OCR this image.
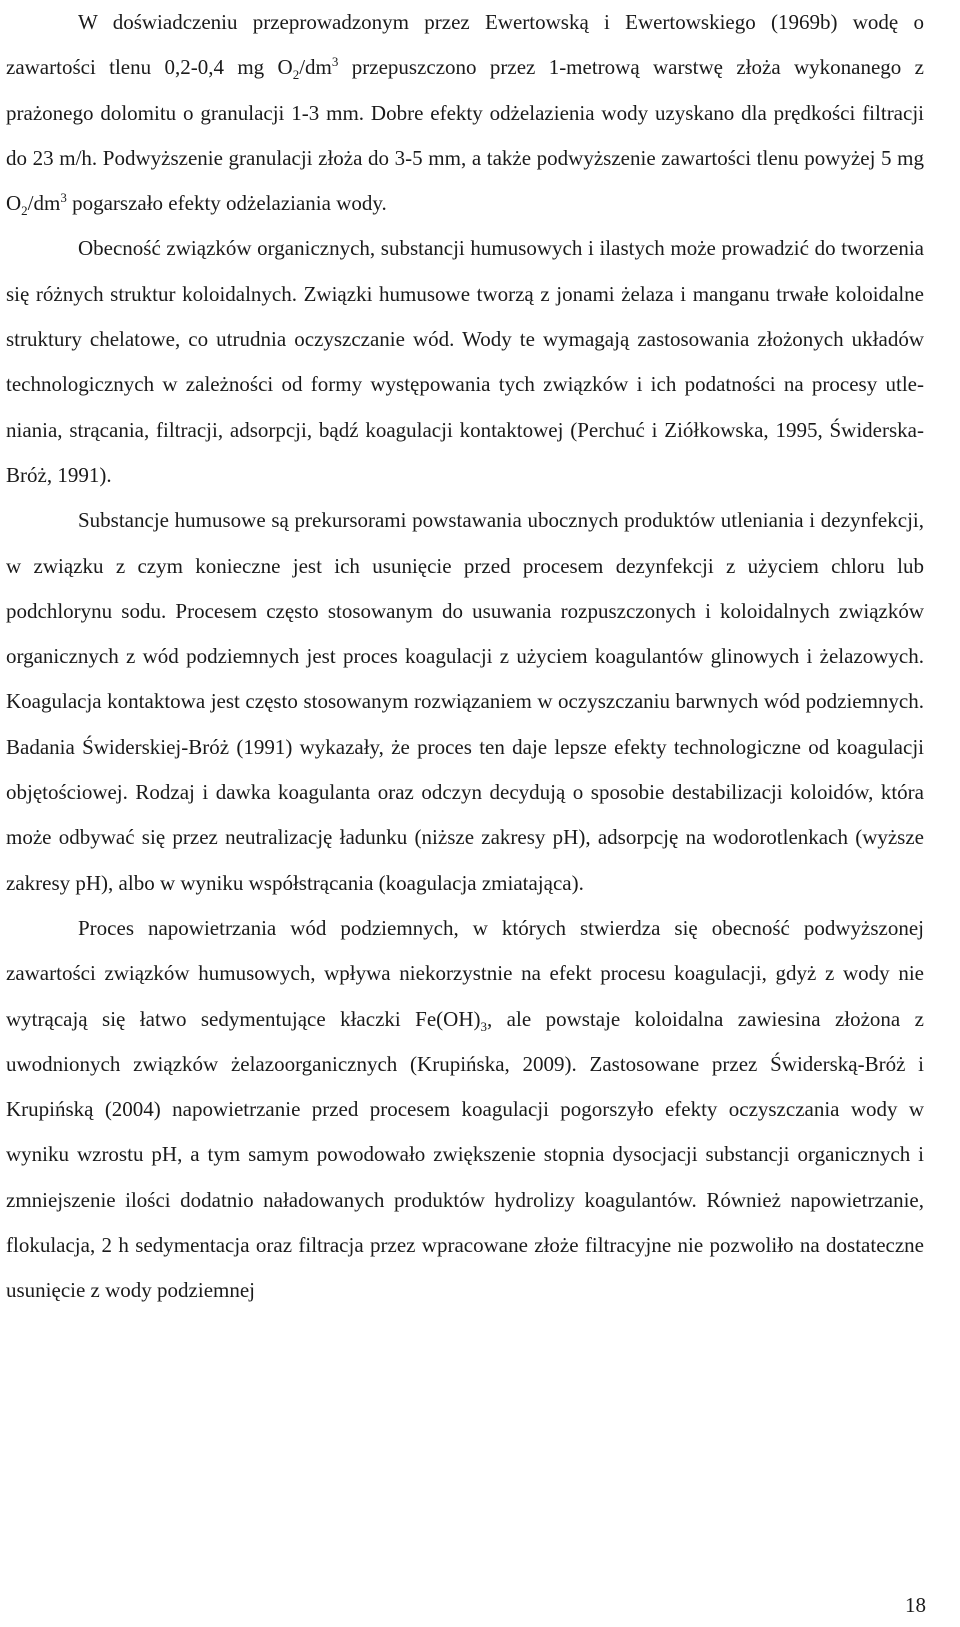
W doświadczeniu przeprowadzonym przez Ewertowską i Ewertowskiego (1969b) wodę o zawartości tlenu 0,2-0,4 mg $O_2/dm^3$ przepuszczono przez 1-metrową warstwę złoża wykonanego z prażonego dolomitu o granulacji 1-3 mm. Dobre efekty odżelazienia wody uzyskano dla prędkości filtracji do 23 m/h. Podwyższenie granulacji złoża do 3-5 mm, a także podwyższenie zawartości tlenu powyżej 5 mg $O_2/dm^3$ pogarszało efekty odżelaziania wody.

Obecność związków organicznych, substancji humusowych i ilastych może prowadzić do tworzenia się różnych struktur koloidalnych. Związki humusowe tworzą z jonami żelaza i manganu trwałe koloidalne struktury chelatowe, co utrudnia oczyszczanie wód. Wody te wymagają zastosowania złożonych układów technologicznych w zależności od formy występowania tych związków i ich podatności na procesy utleniania, strącania, filtracji, adsorpcji, bądź koagulacji kontaktowej (Perchuć i Ziółkowska, 1995, Świderska-Bróż, 1991).

Substancje humusowe są prekursorami powstawania ubocznych produktów utleniania i dezynfekcji, w związku z czym konieczne jest ich usunięcie przed procesem dezynfekcji z użyciem chloru lub podchlorynu sodu. Procesem często stosowanym do usuwania rozpuszczonych i koloidalnych związków organicznych z wód podziemnych jest proces koagulacji z użyciem koagulantów glinowych i żelazowych. Koagulacja kontaktowa jest często stosowanym rozwiązaniem w oczyszczaniu barwnych wód podziemnych. Badania Świderskiej-Bróż (1991) wykazały, że proces ten daje lepsze efekty technologiczne od koagulacji objętościowej. Rodzaj i dawka koagulanta oraz odczyn decydują o sposobie destabilizacji koloidów, która może odbywać się przez neutralizację ładunku (niższe zakresy pH), adsorpcję na wodorotlenkach (wyższe zakresy pH), albo w wyniku współstrącania (koagulacja zmiatająca).

Proces napowietrzania wód podziemnych, w których stwierdza się obecność podwyższonej zawartości związków humusowych, wpływa niekorzystnie na efekt procesu koagulacji, gdyż z wody nie wytrącają się łatwo sedymentujące kłaczki $Fe(OH)_3$, ale powstaje koloidalna zawiesina złożona z uwodnionych związków żelazoorganicznych (Krupińska, 2009). Zastosowane przez Świderską-Bróż i Krupińską (2004) napowietrzanie przed procesem koagulacji pogorszyło efekty oczyszczania wody w wyniku wzrostu pH, a tym samym powodowało zwiększenie stopnia dysocjacji substancji organicznych i zmniejszenie ilości dodatnio naładowanych produktów hydrolizy koagulantów. Również napowietrzanie, flokulacja, 2 h sedymentacja oraz filtracja przez wpracowane złoże filtracyjne nie pozwoliło na dostateczne usunięcie z wody podziemnej

18
